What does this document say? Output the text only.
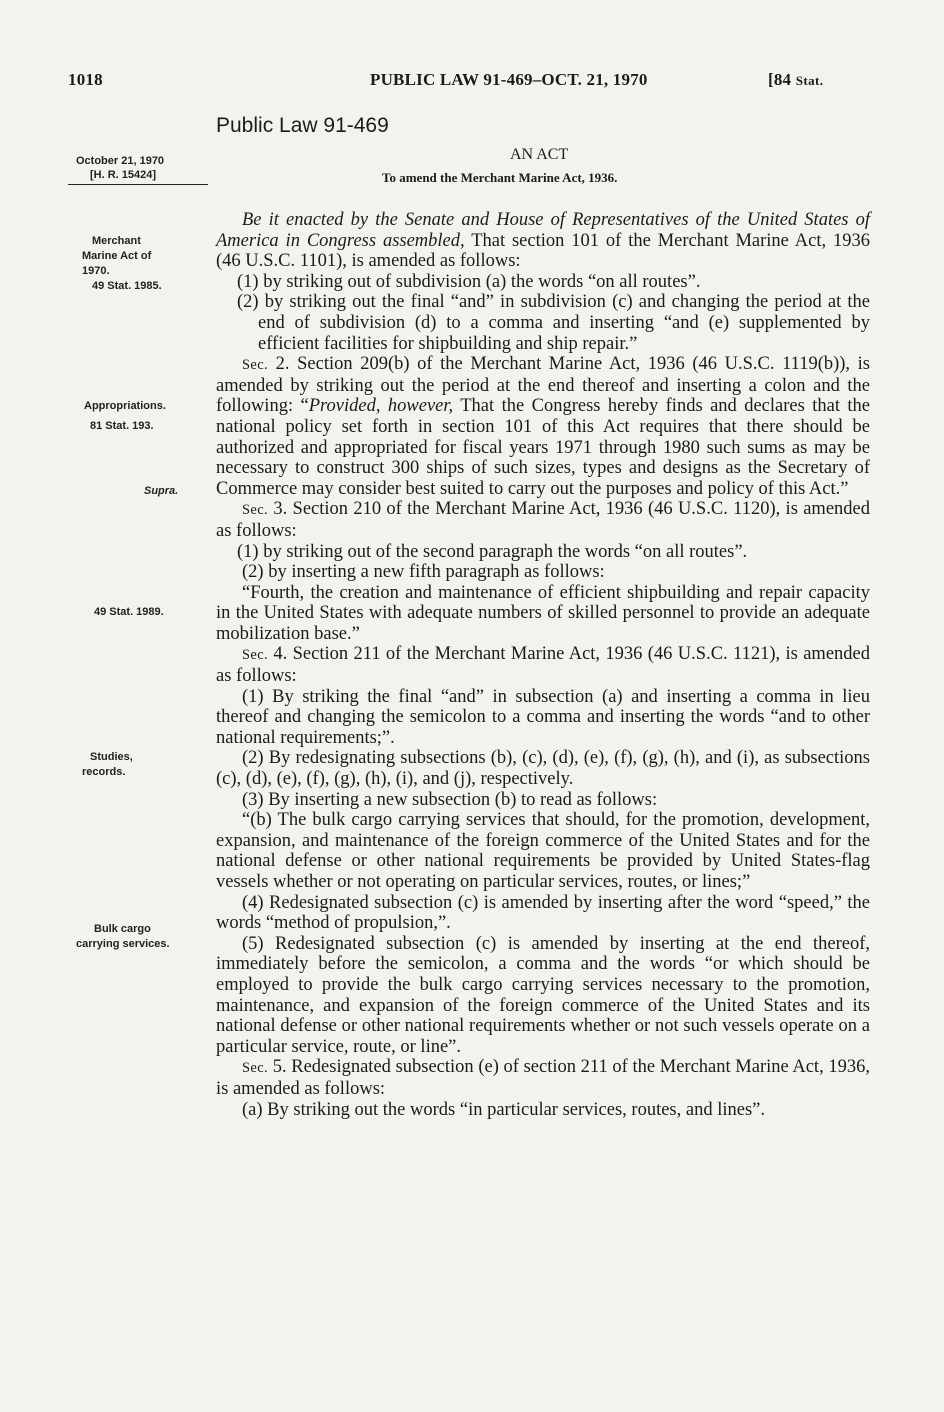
1018	PUBLIC LAW 91-469–OCT. 21, 1970	[84 Stat.
Public Law 91-469
AN ACT
To amend the Merchant Marine Act, 1936.
October 21, 1970
[H. R. 15424]
Merchant
Marine Act of
1970.
49 Stat. 1985.
Appropriations.
81 Stat. 193.
Supra.
49 Stat. 1989.
Studies,
records.
Bulk cargo
carrying services.

Be it enacted by the Senate and House of Representatives of the United States of America in Congress assembled, That section 101 of the Merchant Marine Act, 1936 (46 U.S.C. 1101), is amended as follows:

(1) by striking out of subdivision (a) the words “on all routes”.

(2) by striking out the final “and” in subdivision (c) and changing the period at the end of subdivision (d) to a comma and inserting “and (e) supplemented by efficient facilities for shipbuilding and ship repair.”

Sec. 2. Section 209(b) of the Merchant Marine Act, 1936 (46 U.S.C. 1119(b)), is amended by striking out the period at the end thereof and inserting a colon and the following: “Provided, however, That the Congress hereby finds and declares that the national policy set forth in section 101 of this Act requires that there should be authorized and appropriated for fiscal years 1971 through 1980 such sums as may be necessary to construct 300 ships of such sizes, types and designs as the Secretary of Commerce may consider best suited to carry out the purposes and policy of this Act.”

Sec. 3. Section 210 of the Merchant Marine Act, 1936 (46 U.S.C. 1120), is amended as follows:

(1) by striking out of the second paragraph the words “on all routes”.

(2) by inserting a new fifth paragraph as follows:

“Fourth, the creation and maintenance of efficient shipbuilding and repair capacity in the United States with adequate numbers of skilled personnel to provide an adequate mobilization base.”

Sec. 4. Section 211 of the Merchant Marine Act, 1936 (46 U.S.C. 1121), is amended as follows:

(1) By striking the final “and” in subsection (a) and inserting a comma in lieu thereof and changing the semicolon to a comma and inserting the words “and to other national requirements;”.

(2) By redesignating subsections (b), (c), (d), (e), (f), (g), (h), and (i), as subsections (c), (d), (e), (f), (g), (h), (i), and (j), respectively.

(3) By inserting a new subsection (b) to read as follows:

“(b) The bulk cargo carrying services that should, for the promotion, development, expansion, and maintenance of the foreign commerce of the United States and for the national defense or other national requirements be provided by United States-flag vessels whether or not operating on particular services, routes, or lines;”

(4) Redesignated subsection (c) is amended by inserting after the word “speed,” the words “method of propulsion,”.

(5) Redesignated subsection (c) is amended by inserting at the end thereof, immediately before the semicolon, a comma and the words “or which should be employed to provide the bulk cargo carrying services necessary to the promotion, maintenance, and expansion of the foreign commerce of the United States and its national defense or other national requirements whether or not such vessels operate on a particular service, route, or line”.

Sec. 5. Redesignated subsection (e) of section 211 of the Merchant Marine Act, 1936, is amended as follows:

(a) By striking out the words “in particular services, routes, and lines”.
